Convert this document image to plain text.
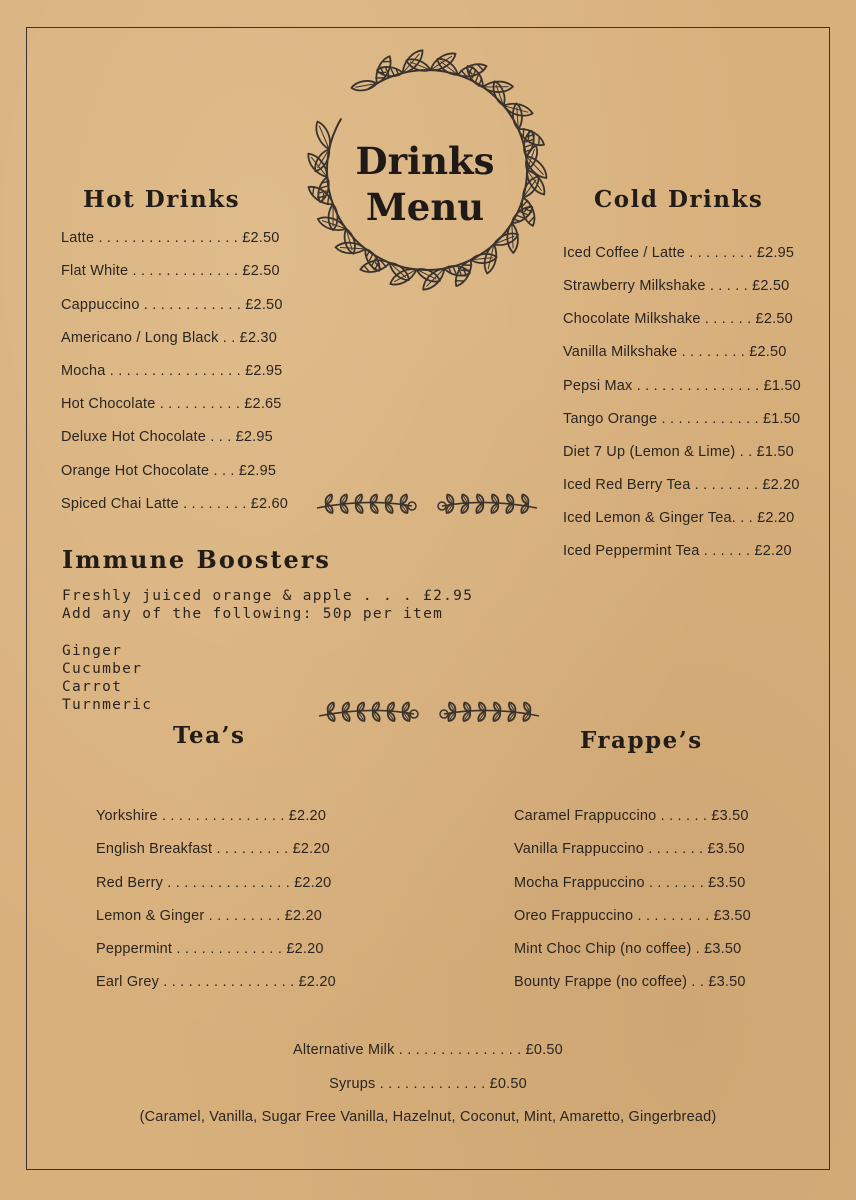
Drinks
Menu
Hot Drinks
Latte . . . . . . . . . . . . . . . . . £2.50
Flat White . . . . . . . . . . . . . £2.50
Cappuccino . . . . . . . . . . . . £2.50
Americano / Long Black . . £2.30
Mocha . . . . . . . . . . . . . . . . £2.95
Hot Chocolate . . . . . . . . . . £2.65
Deluxe Hot Chocolate . . . £2.95
Orange Hot Chocolate . . . £2.95
Spiced Chai Latte . . . . . . . . £2.60
Cold Drinks
Iced Coffee / Latte . . . . . . . . £2.95
Strawberry Milkshake . . . . . £2.50
Chocolate Milkshake . . . . . . £2.50
Vanilla Milkshake . . . . . . . . £2.50
Pepsi Max . . . . . . . . . . . . . . . £1.50
Tango Orange . . . . . . . . . . . . £1.50
Diet 7 Up (Lemon & Lime) . . £1.50
Iced Red Berry Tea . . . . . . . . £2.20
Iced Lemon & Ginger Tea. . . £2.20
Iced Peppermint Tea . . . . . . £2.20
Immune Boosters
Freshly juiced orange & apple . . . £2.95
Add any of the following: 50p per item
Ginger
Cucumber
Carrot
Turnmeric
Tea’s
Yorkshire . . . . . . . . . . . . . . . £2.20
English Breakfast . . . . . . . . . £2.20
Red Berry . . . . . . . . . . . . . . . £2.20
Lemon & Ginger . . . . . . . . . £2.20
Peppermint . . . . . . . . . . . . . £2.20
Earl Grey . . . . . . . . . . . . . . . . £2.20
Frappe’s
Caramel Frappuccino . . . . . . £3.50
Vanilla Frappuccino . . . . . . . £3.50
Mocha Frappuccino . . . . . . . £3.50
Oreo Frappuccino . . . . . . . . . £3.50
Mint Choc Chip (no coffee) . £3.50
Bounty Frappe (no coffee) . . £3.50
Alternative Milk . . . . . . . . . . . . . . . £0.50
Syrups . . . . . . . . . . . . . £0.50
(Caramel, Vanilla, Sugar Free Vanilla, Hazelnut, Coconut, Mint, Amaretto, Gingerbread)
